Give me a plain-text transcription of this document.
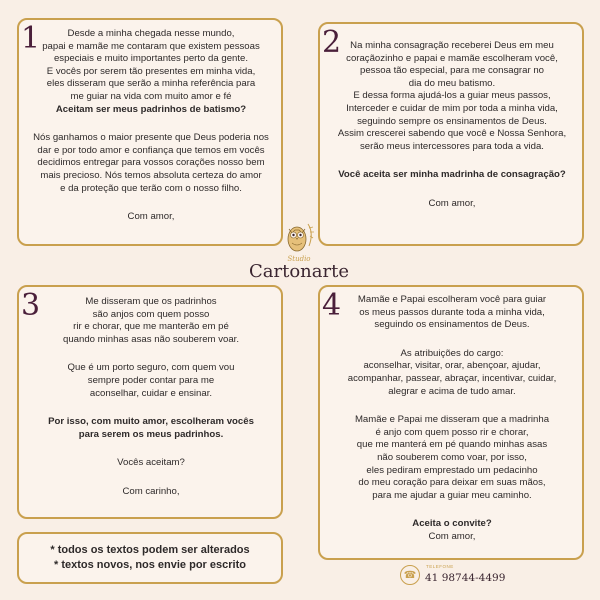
1	Desde a minha chegada nesse mundo,

papai e mamãe me contaram que existem pessoas

especiais e muito importantes perto da gente.

E vocês por serem tão presentes em minha vida,

eles disseram que serão a minha referência para

me guiar na vida com muito amor e fé

Aceitam ser meus padrinhos de batismo?

Nós ganhamos o maior presente que Deus poderia nos

dar e por todo amor e confiança que temos em vocês

decidimos entregar para vossos corações nosso bem

mais precioso. Nós temos absoluta certeza do amor

e da proteção que terão com o nosso filho.

Com amor,

2 Na minha consagração receberei Deus em meu

coraçãozinho e papai e mamãe escolheram você,

pessoa tão especial, para me consagrar no

dia do meu batismo.

E dessa forma ajudá-los a guiar meus passos,

Interceder e cuidar de mim por toda a minha vida,

seguindo sempre os ensinamentos de Deus.

Assim crescerei sabendo que você e Nossa Senhora,

serão meus intercessores para toda a vida.

Você aceita ser minha madrinha de consagração?

Com amor,

3	Me disseram que os padrinhos

são anjos com quem posso

rir e chorar, que me manterão em pé

quando minhas asas não souberem voar.

Que é um porto seguro, com quem vou

sempre poder contar para me

aconselhar, cuidar e ensinar.

Por isso, com muito amor, escolheram vocês

para serem os meus padrinhos.

Vocês aceitam?

Com carinho,

4	Mamãe e Papai escolheram você para guiar

os meus passos durante toda a minha vida,

seguindo os ensinamentos de Deus.

As atribuições do cargo:

aconselhar, visitar, orar, abençoar, ajudar,

acompanhar, passear, abraçar, incentivar, cuidar,

alegrar e acima de tudo amar.

Mamãe e Papai me disseram que a madrinha

é anjo com quem posso rir e chorar,

que me manterá em pé quando minhas asas

não souberem como voar, por isso,

eles pediram emprestado um pedacinho

do meu coração para deixar em suas mãos,

para me ajudar a guiar meu caminho.

Aceita o convite?

Com amor,

* todos os textos podem ser alterados

* textos novos, nos envie por escrito

Studio
Cartonarte
☎
TELEFONE
41 98744-4499
